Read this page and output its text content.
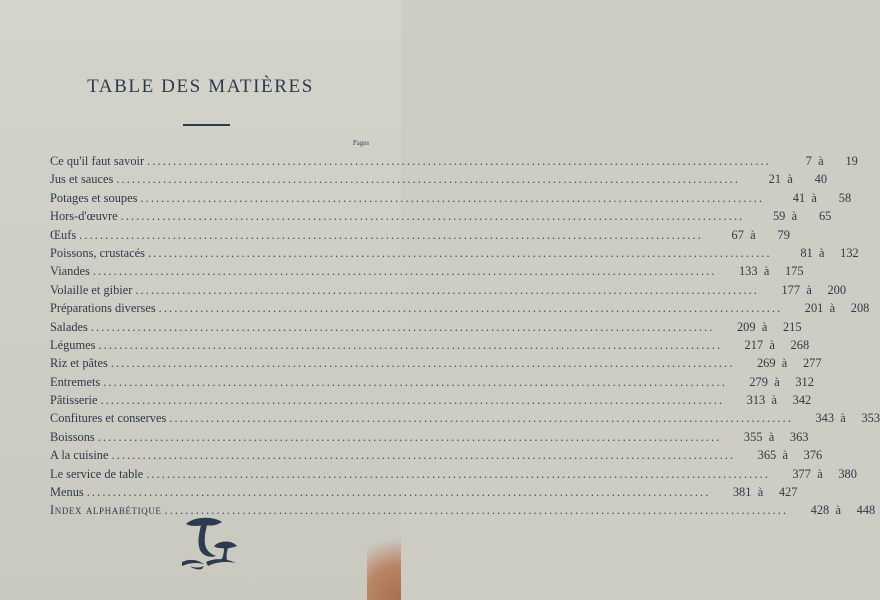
TABLE DES MATIÈRES
Pages
Ce qu'il faut savoir ........................................................................................................................	7 à	19
Jus et sauces ........................................................................................................................	21 à	40
Potages et soupes ........................................................................................................................	41 à	58
Hors-d'œuvre ........................................................................................................................	59 à	65
Œufs ........................................................................................................................	67 à	79
Poissons, crustacés ........................................................................................................................	81 à	132
Viandes ........................................................................................................................	133 à	175
Volaille et gibier ........................................................................................................................	177 à	200
Préparations diverses ........................................................................................................................	201 à	208
Salades ........................................................................................................................	209 à	215
Légumes ........................................................................................................................	217 à	268
Riz et pâtes ........................................................................................................................	269 à	277
Entremets ........................................................................................................................	279 à	312
Pâtisserie ........................................................................................................................	313 à	342
Confitures et conserves ........................................................................................................................	343 à	353
Boissons ........................................................................................................................	355 à	363
A la cuisine ........................................................................................................................	365 à	376
Le service de table ........................................................................................................................	377 à	380
Menus ........................................................................................................................	381 à	427
Index alphabétique ........................................................................................................................	428 à	448
